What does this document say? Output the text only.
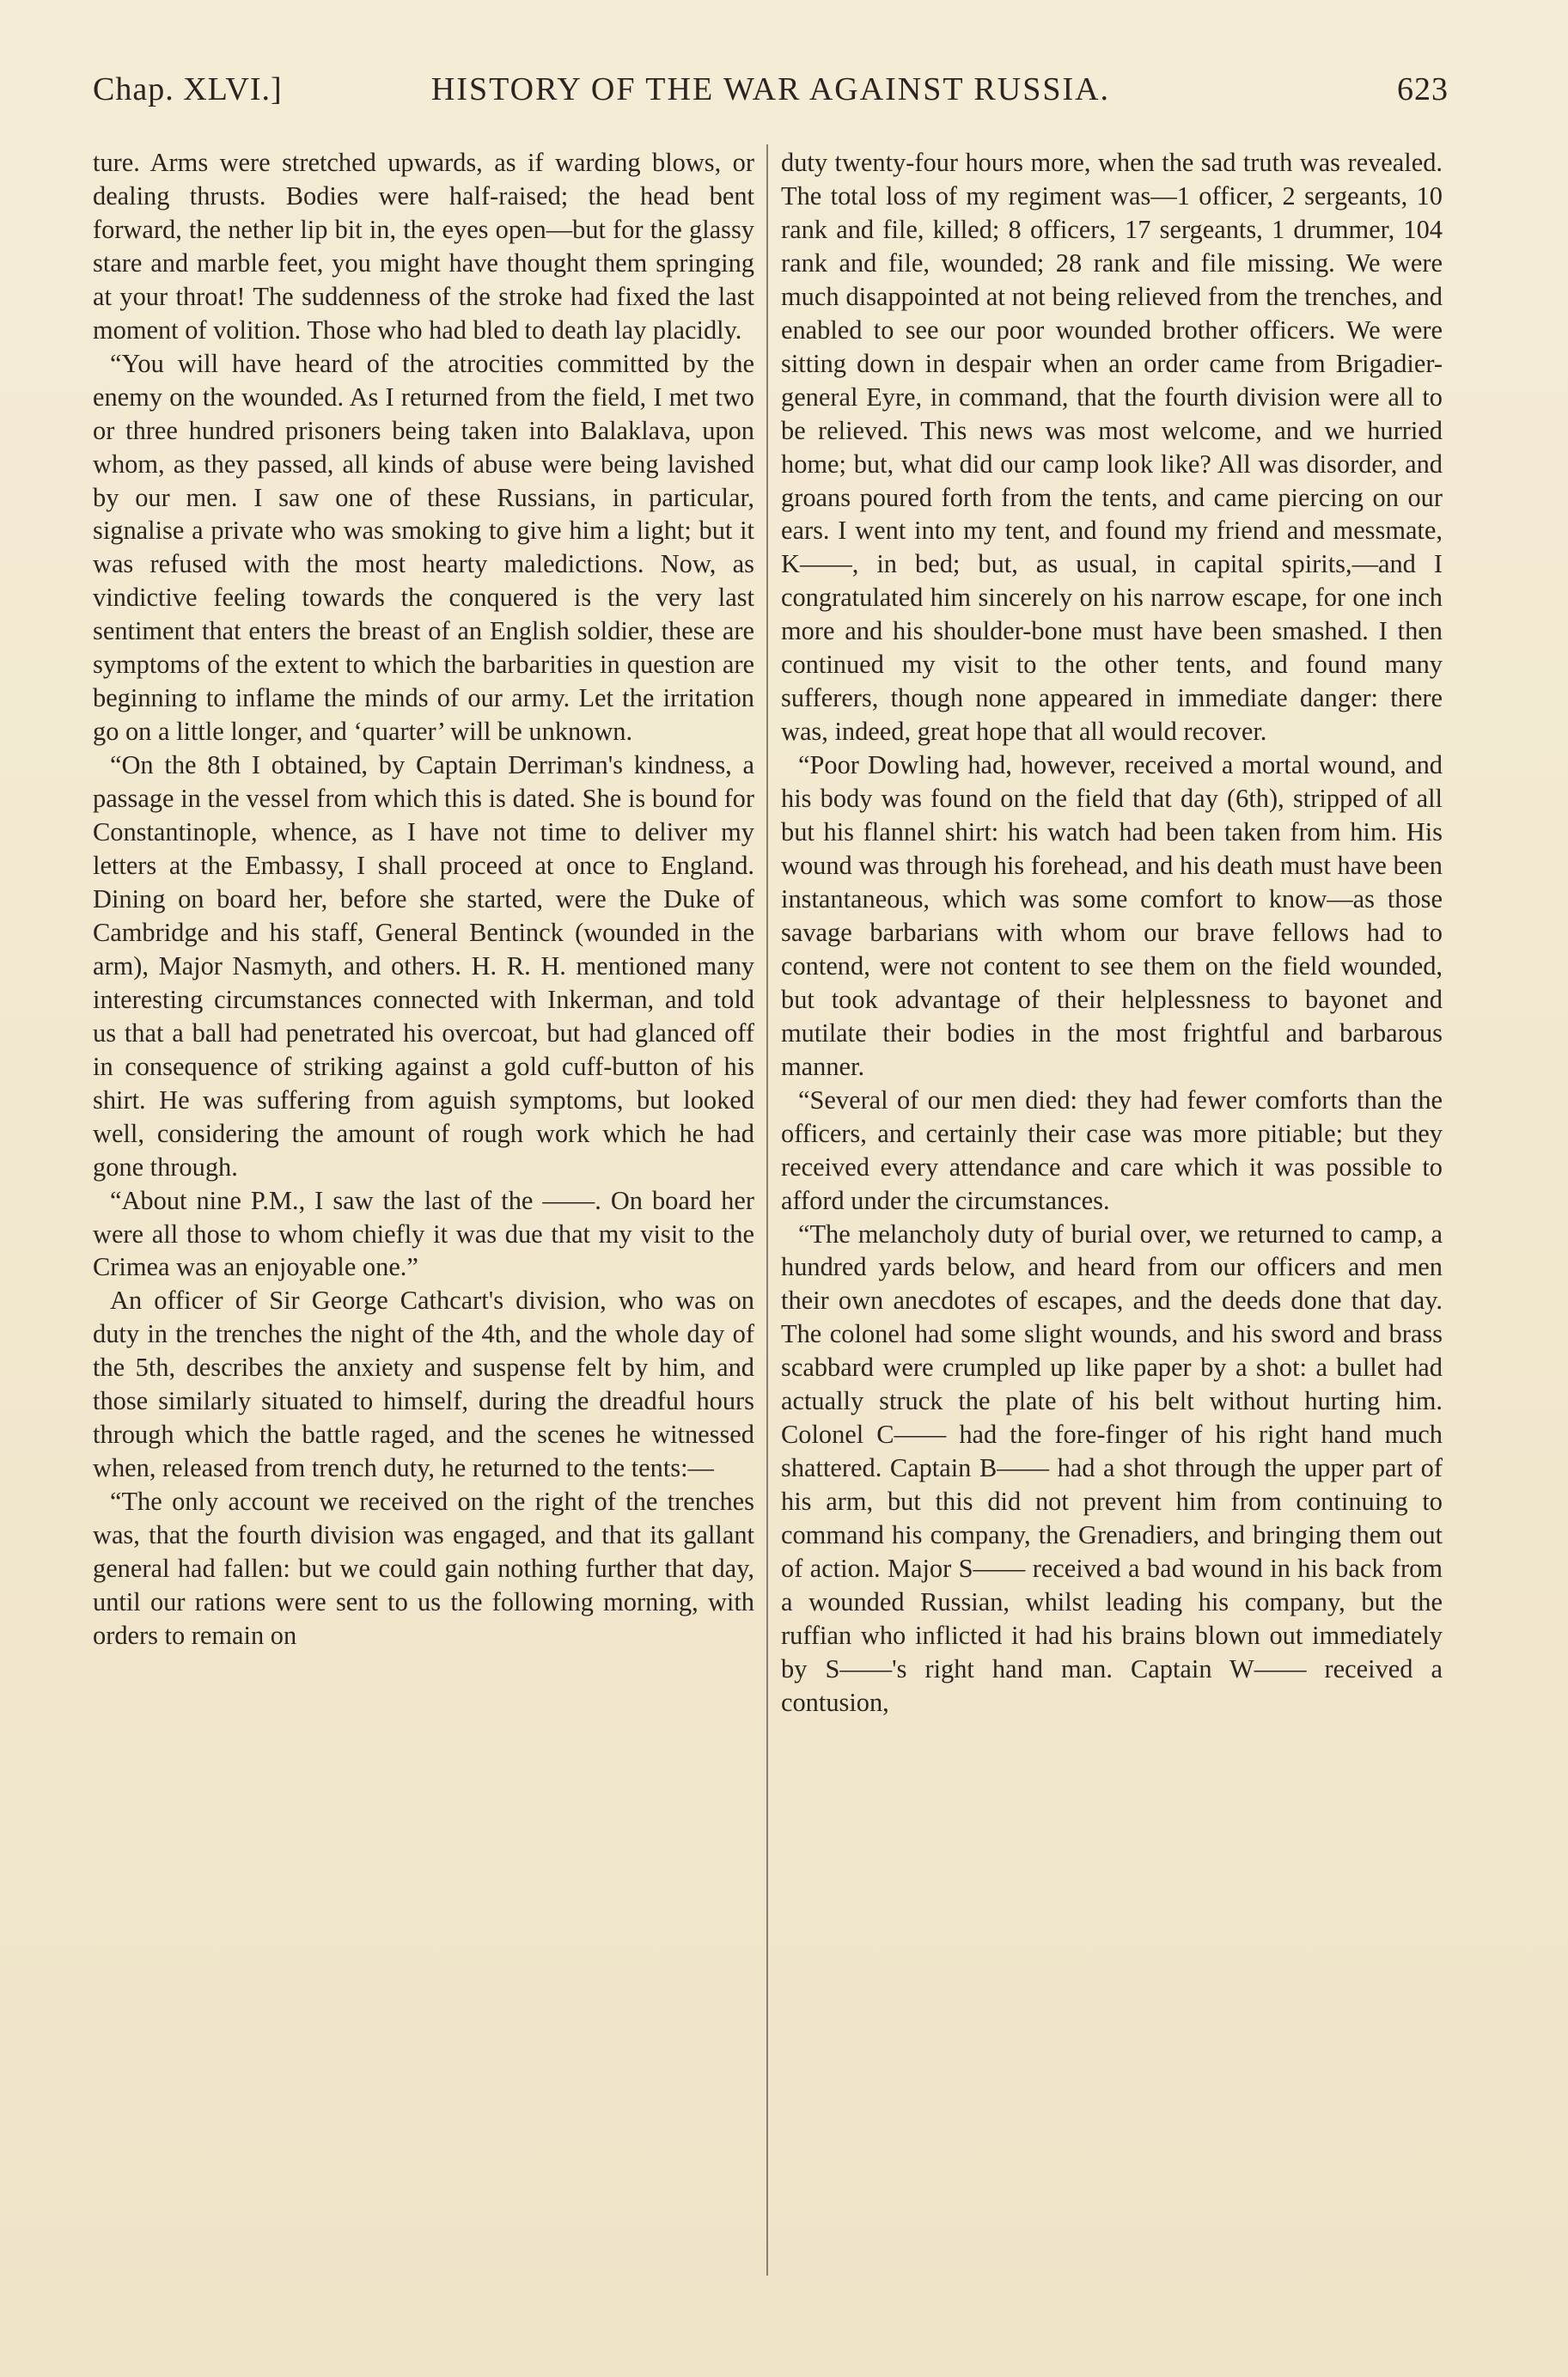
Chap. XLVI.]	HISTORY OF THE WAR AGAINST RUSSIA.	623

ture. Arms were stretched upwards, as if warding blows, or dealing thrusts. Bodies were half-raised; the head bent forward, the nether lip bit in, the eyes open—but for the glassy stare and marble feet, you might have thought them springing at your throat! The suddenness of the stroke had fixed the last moment of volition. Those who had bled to death lay placidly.

“You will have heard of the atrocities committed by the enemy on the wounded. As I returned from the field, I met two or three hundred prisoners being taken into Balaklava, upon whom, as they passed, all kinds of abuse were being lavished by our men. I saw one of these Russians, in particular, signalise a private who was smoking to give him a light; but it was refused with the most hearty maledictions. Now, as vindictive feeling towards the conquered is the very last sentiment that enters the breast of an English soldier, these are symptoms of the extent to which the barbarities in question are beginning to inflame the minds of our army. Let the irritation go on a little longer, and ‘quarter’ will be unknown.

“On the 8th I obtained, by Captain Derriman's kindness, a passage in the vessel from which this is dated. She is bound for Constantinople, whence, as I have not time to deliver my letters at the Embassy, I shall proceed at once to England. Dining on board her, before she started, were the Duke of Cambridge and his staff, General Bentinck (wounded in the arm), Major Nasmyth, and others. H. R. H. mentioned many interesting circumstances connected with Inkerman, and told us that a ball had penetrated his overcoat, but had glanced off in consequence of striking against a gold cuff-button of his shirt. He was suffering from aguish symptoms, but looked well, considering the amount of rough work which he had gone through.

“About nine P.M., I saw the last of the ——. On board her were all those to whom chiefly it was due that my visit to the Crimea was an enjoyable one.”

An officer of Sir George Cathcart's division, who was on duty in the trenches the night of the 4th, and the whole day of the 5th, describes the anxiety and suspense felt by him, and those similarly situated to himself, during the dreadful hours through which the battle raged, and the scenes he witnessed when, released from trench duty, he returned to the tents:—

“The only account we received on the right of the trenches was, that the fourth division was engaged, and that its gallant general had fallen: but we could gain nothing further that day, until our rations were sent to us the following morning, with orders to remain on

duty twenty-four hours more, when the sad truth was revealed. The total loss of my regiment was—1 officer, 2 sergeants, 10 rank and file, killed; 8 officers, 17 sergeants, 1 drummer, 104 rank and file, wounded; 28 rank and file missing. We were much disappointed at not being relieved from the trenches, and enabled to see our poor wounded brother officers. We were sitting down in despair when an order came from Brigadier-general Eyre, in command, that the fourth division were all to be relieved. This news was most welcome, and we hurried home; but, what did our camp look like? All was disorder, and groans poured forth from the tents, and came piercing on our ears. I went into my tent, and found my friend and messmate, K——, in bed; but, as usual, in capital spirits,—and I congratulated him sincerely on his narrow escape, for one inch more and his shoulder-bone must have been smashed. I then continued my visit to the other tents, and found many sufferers, though none appeared in immediate danger: there was, indeed, great hope that all would recover.

“Poor Dowling had, however, received a mortal wound, and his body was found on the field that day (6th), stripped of all but his flannel shirt: his watch had been taken from him. His wound was through his forehead, and his death must have been instantaneous, which was some comfort to know—as those savage barbarians with whom our brave fellows had to contend, were not content to see them on the field wounded, but took advantage of their helplessness to bayonet and mutilate their bodies in the most frightful and barbarous manner.

“Several of our men died: they had fewer comforts than the officers, and certainly their case was more pitiable; but they received every attendance and care which it was possible to afford under the circumstances.

“The melancholy duty of burial over, we returned to camp, a hundred yards below, and heard from our officers and men their own anecdotes of escapes, and the deeds done that day. The colonel had some slight wounds, and his sword and brass scabbard were crumpled up like paper by a shot: a bullet had actually struck the plate of his belt without hurting him. Colonel C—— had the fore-finger of his right hand much shattered. Captain B—— had a shot through the upper part of his arm, but this did not prevent him from continuing to command his company, the Grenadiers, and bringing them out of action. Major S—— received a bad wound in his back from a wounded Russian, whilst leading his company, but the ruffian who inflicted it had his brains blown out immediately by S——'s right hand man. Captain W—— received a contusion,
